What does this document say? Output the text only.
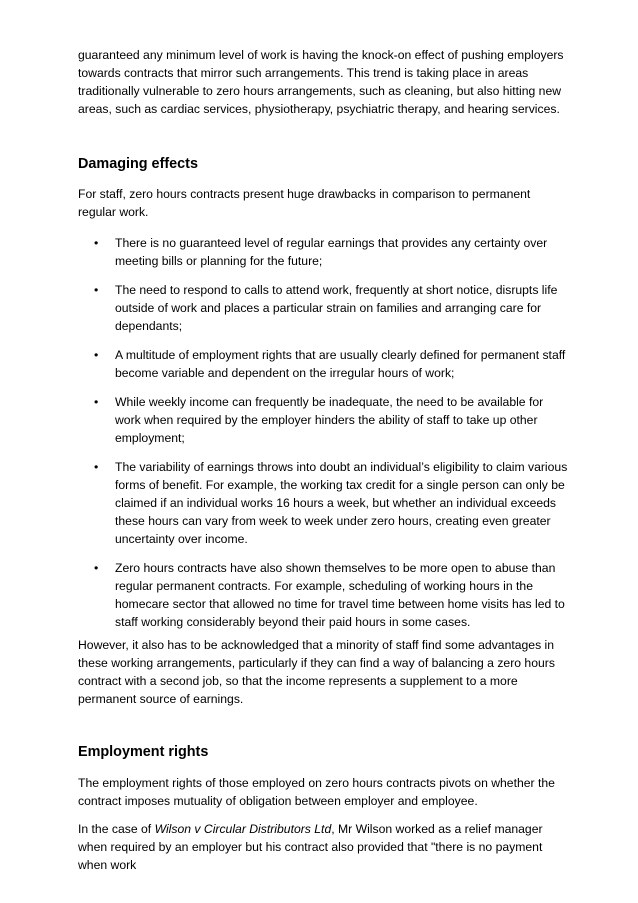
guaranteed any minimum level of work is having the knock-on effect of pushing employers towards contracts that mirror such arrangements. This trend is taking place in areas traditionally vulnerable to zero hours arrangements, such as cleaning, but also hitting new areas, such as cardiac services, physiotherapy, psychiatric therapy, and hearing services.

Damaging effects

For staff, zero hours contracts present huge drawbacks in comparison to permanent regular work.

• There is no guaranteed level of regular earnings that provides any certainty over meeting bills or planning for the future;
• The need to respond to calls to attend work, frequently at short notice, disrupts life outside of work and places a particular strain on families and arranging care for dependants;
• A multitude of employment rights that are usually clearly defined for permanent staff become variable and dependent on the irregular hours of work;
• While weekly income can frequently be inadequate, the need to be available for work when required by the employer hinders the ability of staff to take up other employment;
• The variability of earnings throws into doubt an individual’s eligibility to claim various forms of benefit. For example, the working tax credit for a single person can only be claimed if an individual works 16 hours a week, but whether an individual exceeds these hours can vary from week to week under zero hours, creating even greater uncertainty over income.
• Zero hours contracts have also shown themselves to be more open to abuse than regular permanent contracts. For example, scheduling of working hours in the homecare sector that allowed no time for travel time between home visits has led to staff working considerably beyond their paid hours in some cases.

However, it also has to be acknowledged that a minority of staff find some advantages in these working arrangements, particularly if they can find a way of balancing a zero hours contract with a second job, so that the income represents a supplement to a more permanent source of earnings.

Employment rights

The employment rights of those employed on zero hours contracts pivots on whether the contract imposes mutuality of obligation between employer and employee.

In the case of Wilson v Circular Distributors Ltd, Mr Wilson worked as a relief manager when required by an employer but his contract also provided that "there is no payment when work
